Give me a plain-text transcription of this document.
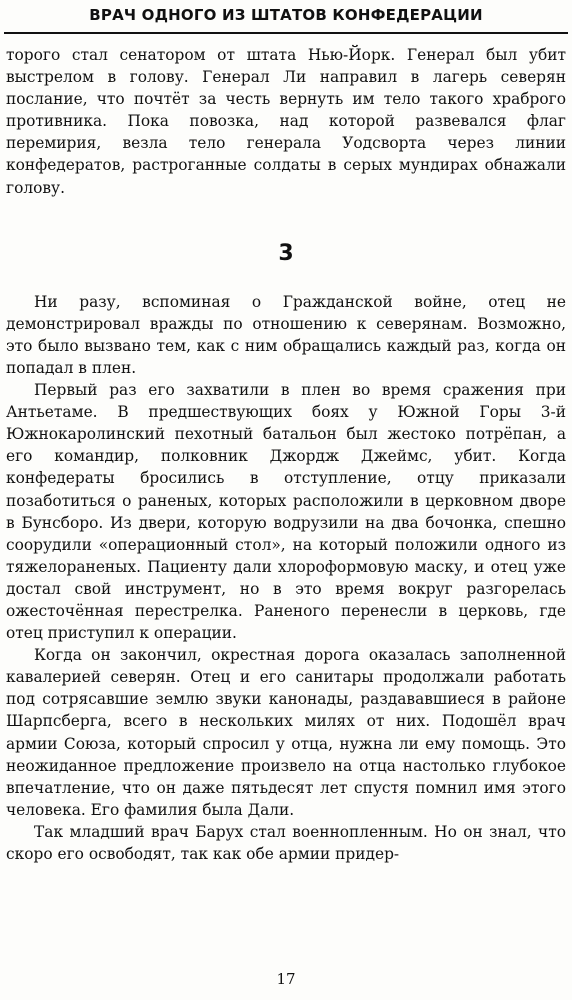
ВРАЧ ОДНОГО ИЗ ШТАТОВ КОНФЕДЕРАЦИИ

торого стал сенатором от штата Нью-Йорк. Генерал был убит выстрелом в голову. Генерал Ли направил в лагерь северян послание, что почтёт за честь вернуть им тело такого храброго противника. Пока повозка, над которой развевался флаг перемирия, везла тело генерала Уодсворта через линии конфедератов, растроганные солдаты в серых мундирах обнажали голову.

3

Ни разу, вспоминая о Гражданской войне, отец не демонстрировал вражды по отношению к северянам. Возможно, это было вызвано тем, как с ним обращались каждый раз, когда он попадал в плен.

Первый раз его захватили в плен во время сражения при Антьетаме. В предшествующих боях у Южной Горы 3-й Южнокаролинский пехотный батальон был жестоко потрёпан, а его командир, полковник Джордж Джеймс, убит. Когда конфедераты бросились в отступление, отцу приказали позаботиться о раненых, которых расположили в церковном дворе в Бунсборо. Из двери, которую водрузили на два бочонка, спешно соорудили «операционный стол», на который положили одного из тяжелораненых. Пациенту дали хлороформовую маску, и отец уже достал свой инструмент, но в это время вокруг разгорелась ожесточённая перестрелка. Раненого перенесли в церковь, где отец приступил к операции.

Когда он закончил, окрестная дорога оказалась заполненной кавалерией северян. Отец и его санитары продолжали работать под сотрясавшие землю звуки канонады, раздававшиеся в районе Шарпсберга, всего в нескольких милях от них. Подошёл врач армии Союза, который спросил у отца, нужна ли ему помощь. Это неожиданное предложение произвело на отца настолько глубокое впечатление, что он даже пятьдесят лет спустя помнил имя этого человека. Его фамилия была Дали.

Так младший врач Барух стал военнопленным. Но он знал, что скоро его освободят, так как обе армии придер-

17
